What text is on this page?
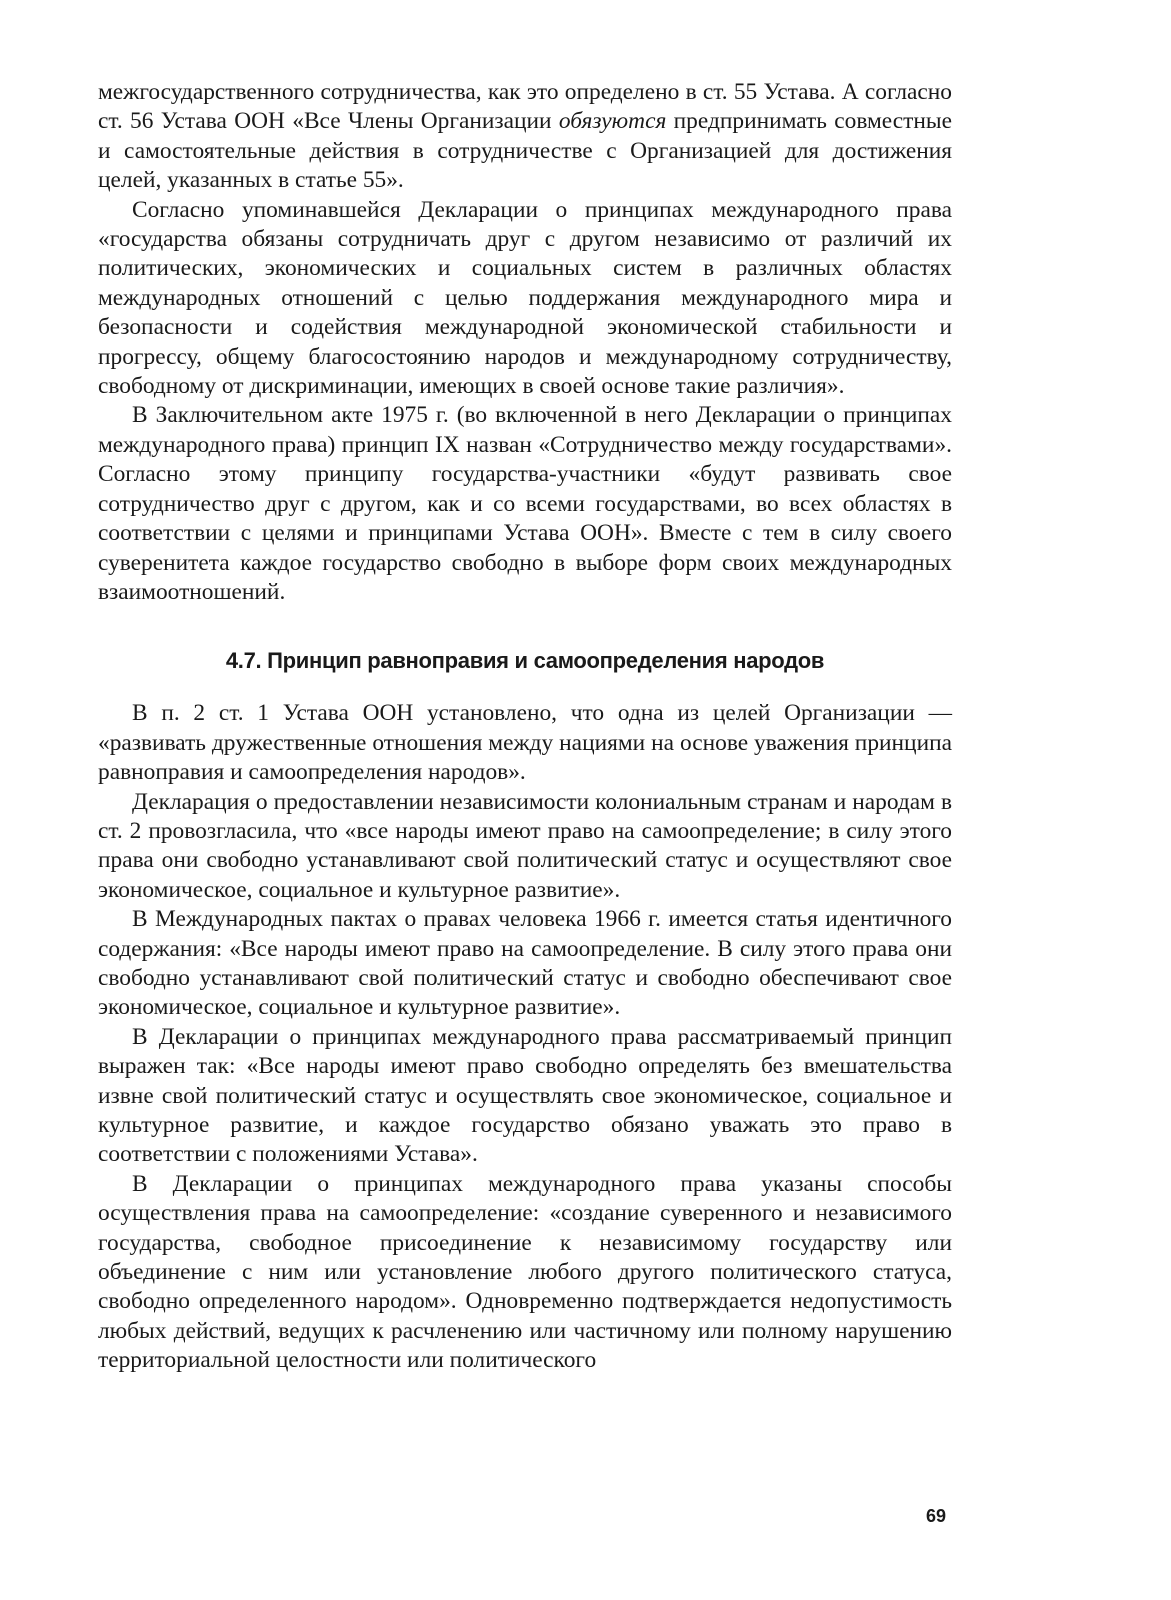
межгосударственного сотрудничества, как это определено в ст. 55 Устава. А согласно ст. 56 Устава ООН «Все Члены Организации обязуются предпринимать совместные и самостоятельные действия в сотрудничестве с Организацией для достижения целей, указанных в статье 55».

Согласно упоминавшейся Декларации о принципах международного права «государства обязаны сотрудничать друг с другом независимо от различий их политических, экономических и социальных систем в различных областях международных отношений с целью поддержания международного мира и безопасности и содействия международной экономической стабильности и прогрессу, общему благосостоянию народов и международному сотрудничеству, свободному от дискриминации, имеющих в своей основе такие различия».

В Заключительном акте 1975 г. (во включенной в него Декларации о принципах международного права) принцип IX назван «Сотрудничество между государствами». Согласно этому принципу государства-участники «будут развивать свое сотрудничество друг с другом, как и со всеми государствами, во всех областях в соответствии с целями и принципами Устава ООН». Вместе с тем в силу своего суверенитета каждое государство свободно в выборе форм своих международных взаимоотношений.

4.7. Принцип равноправия и самоопределения народов

В п. 2 ст. 1 Устава ООН установлено, что одна из целей Организации — «развивать дружественные отношения между нациями на основе уважения принципа равноправия и самоопределения народов».

Декларация о предоставлении независимости колониальным странам и народам в ст. 2 провозгласила, что «все народы имеют право на самоопределение; в силу этого права они свободно устанавливают свой политический статус и осуществляют свое экономическое, социальное и культурное развитие».

В Международных пактах о правах человека 1966 г. имеется статья идентичного содержания: «Все народы имеют право на самоопределение. В силу этого права они свободно устанавливают свой политический статус и свободно обеспечивают свое экономическое, социальное и культурное развитие».

В Декларации о принципах международного права рассматриваемый принцип выражен так: «Все народы имеют право свободно определять без вмешательства извне свой политический статус и осуществлять свое экономическое, социальное и культурное развитие, и каждое государство обязано уважать это право в соответствии с положениями Устава».

В Декларации о принципах международного права указаны способы осуществления права на самоопределение: «создание суверенного и независимого государства, свободное присоединение к независимому государству или объединение с ним или установление любого другого политического статуса, свободно определенного народом». Одновременно подтверждается недопустимость любых действий, ведущих к расчленению или частичному или полному нарушению территориальной целостности или политического

69
